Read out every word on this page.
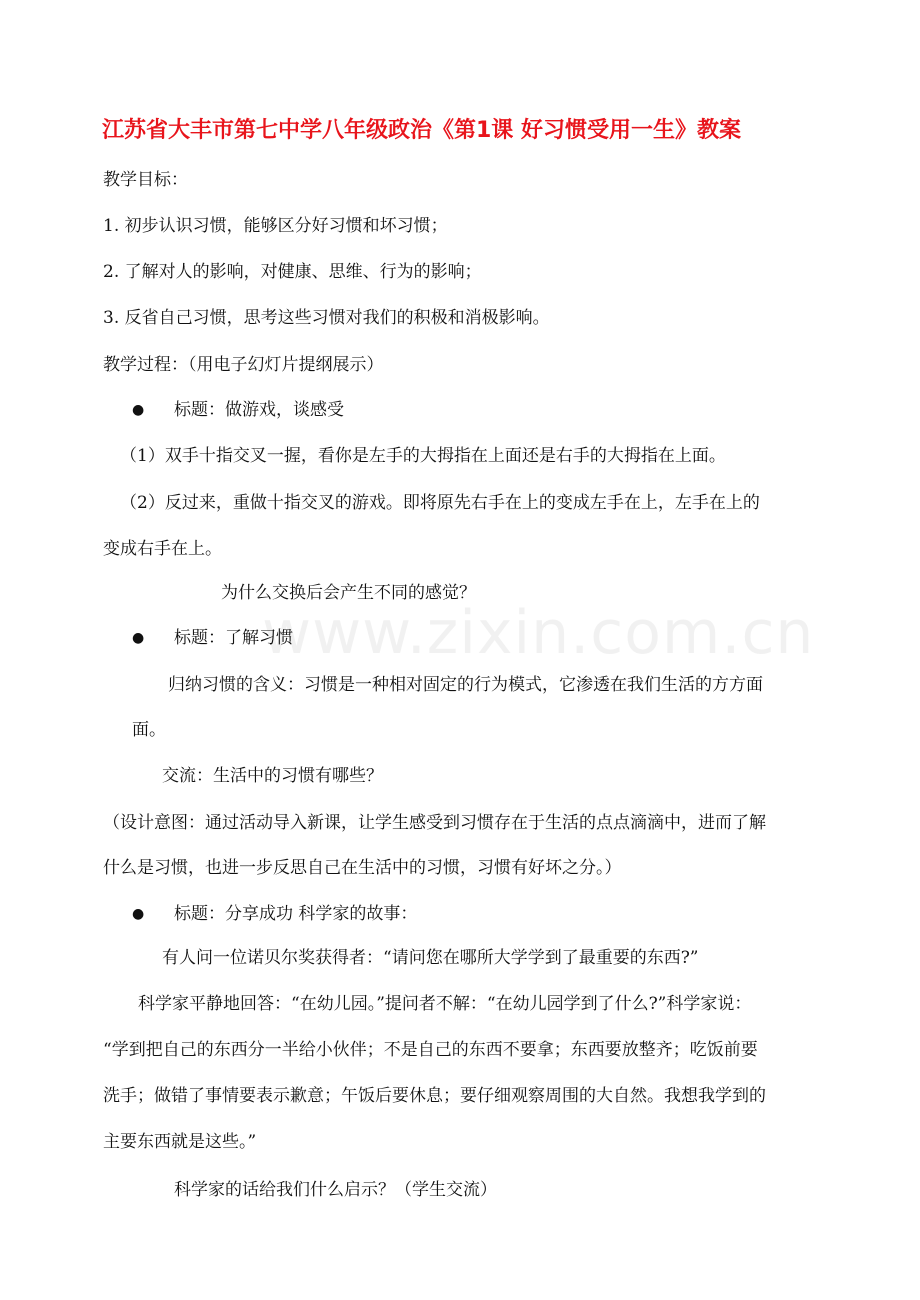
江苏省大丰市第七中学八年级政治《第1课 好习惯受用一生》教案
www.zixin.com.cn
教学目标：
1. 初步认识习惯，能够区分好习惯和坏习惯；
2. 了解对人的影响，对健康、思维、行为的影响；
3. 反省自己习惯，思考这些习惯对我们的积极和消极影响。
教学过程：（用电子幻灯片提纲展示）
● 标题：做游戏，谈感受
（1）双手十指交叉一握，看你是左手的大拇指在上面还是右手的大拇指在上面。
（2）反过来，重做十指交叉的游戏。即将原先右手在上的变成左手在上，左手在上的
变成右手在上。
为什么交换后会产生不同的感觉？
● 标题：了解习惯
归纳习惯的含义：习惯是一种相对固定的行为模式，它渗透在我们生活的方方面
面。
交流：生活中的习惯有哪些？
（设计意图：通过活动导入新课，让学生感受到习惯存在于生活的点点滴滴中，进而了解
什么是习惯，也进一步反思自己在生活中的习惯，习惯有好坏之分。）
● 标题：分享成功 科学家的故事：
有人问一位诺贝尔奖获得者：“请问您在哪所大学学到了最重要的东西?”
科学家平静地回答：“在幼儿园。”提问者不解：“在幼儿园学到了什么?”科学家说：
“学到把自己的东西分一半给小伙伴；不是自己的东西不要拿；东西要放整齐；吃饭前要
洗手；做错了事情要表示歉意；午饭后要休息；要仔细观察周围的大自然。我想我学到的
主要东西就是这些。”
科学家的话给我们什么启示？（学生交流）
